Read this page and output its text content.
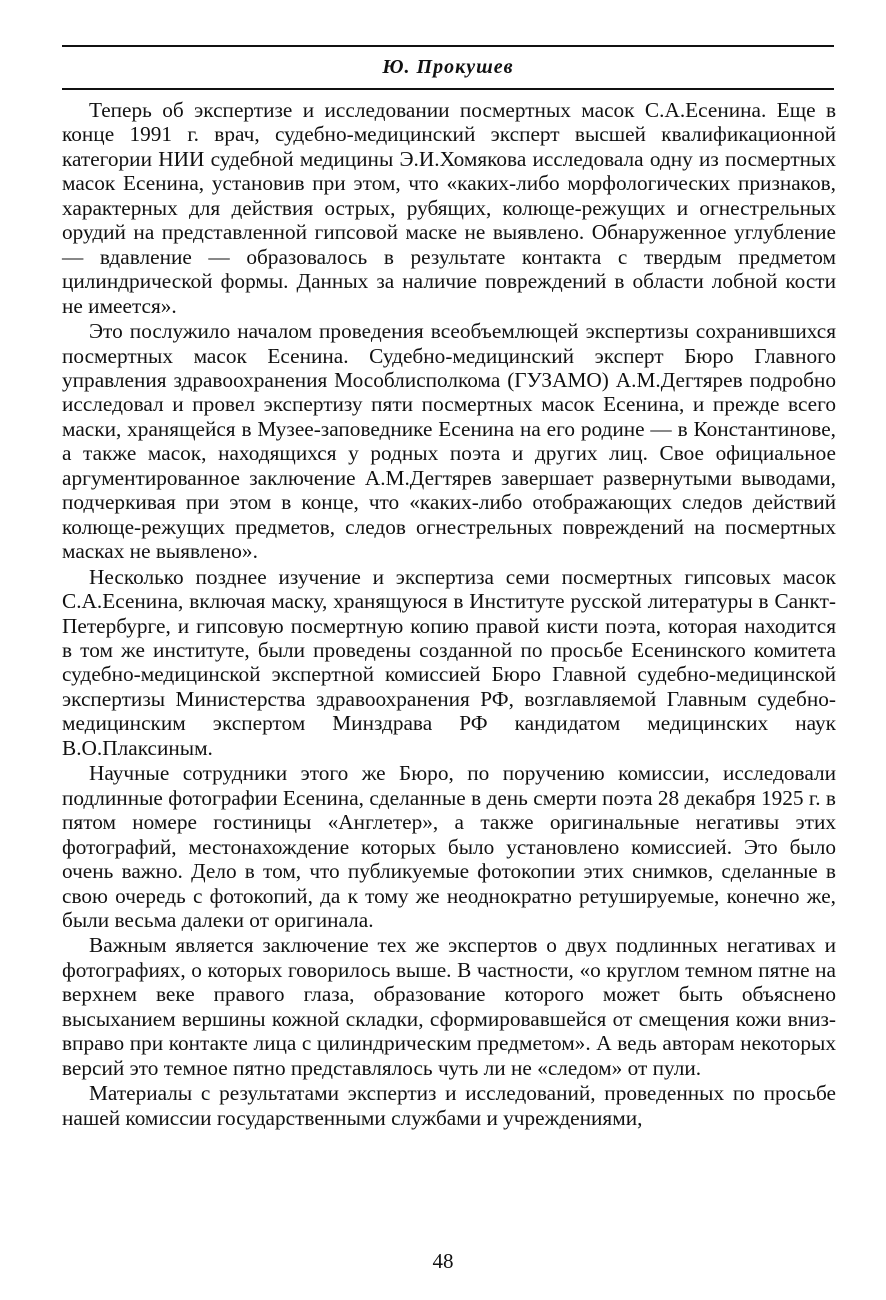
Ю. Прокушев

Теперь об экспертизе и исследовании посмертных масок С.А.Есенина. Еще в конце 1991 г. врач, судебно-медицинский эксперт высшей квалификационной категории НИИ судебной медицины Э.И.Хомякова исследовала одну из посмертных масок Есенина, установив при этом, что «каких-либо морфологических признаков, характерных для действия острых, рубящих, колюще-режущих и огнестрельных орудий на представленной гипсовой маске не выявлено. Обнаруженное углубление — вдавление — образовалось в результате контакта с твердым предметом цилиндрической формы. Данных за наличие повреждений в области лобной кости не имеется».

Это послужило началом проведения всеобъемлющей экспертизы сохранившихся посмертных масок Есенина. Судебно-медицинский эксперт Бюро Главного управления здравоохранения Мособлисполкома (ГУЗАМО) А.М.Дегтярев подробно исследовал и провел экспертизу пяти посмертных масок Есенина, и прежде всего маски, хранящейся в Музее-заповеднике Есенина на его родине — в Константинове, а также масок, находящихся у родных поэта и других лиц. Свое официальное аргументированное заключение А.М.Дегтярев завершает развернутыми выводами, подчеркивая при этом в конце, что «каких-либо отображающих следов действий колюще-режущих предметов, следов огнестрельных повреждений на посмертных масках не выявлено».

Несколько позднее изучение и экспертиза семи посмертных гипсовых масок С.А.Есенина, включая маску, хранящуюся в Институте русской литературы в Санкт-Петербурге, и гипсовую посмертную копию правой кисти поэта, которая находится в том же институте, были проведены созданной по просьбе Есенинского комитета судебно-медицинской экспертной комиссией Бюро Главной судебно-медицинской экспертизы Министерства здравоохранения РФ, возглавляемой Главным судебно-медицинским экспертом Минздрава РФ кандидатом медицинских наук В.О.Плаксиным.

Научные сотрудники этого же Бюро, по поручению комиссии, исследовали подлинные фотографии Есенина, сделанные в день смерти поэта 28 декабря 1925 г. в пятом номере гостиницы «Англетер», а также оригинальные негативы этих фотографий, местонахождение которых было установлено комиссией. Это было очень важно. Дело в том, что публикуемые фотокопии этих снимков, сделанные в свою очередь с фотокопий, да к тому же неоднократно ретушируемые, конечно же, были весьма далеки от оригинала.

Важным является заключение тех же экспертов о двух подлинных негативах и фотографиях, о которых говорилось выше. В частности, «о круглом темном пятне на верхнем веке правого глаза, образование которого может быть объяснено высыханием вершины кожной складки, сформировавшейся от смещения кожи вниз-вправо при контакте лица с цилиндрическим предметом». А ведь авторам некоторых версий это темное пятно представлялось чуть ли не «следом» от пули.

Материалы с результатами экспертиз и исследований, проведенных по просьбе нашей комиссии государственными службами и учреждениями,

48
